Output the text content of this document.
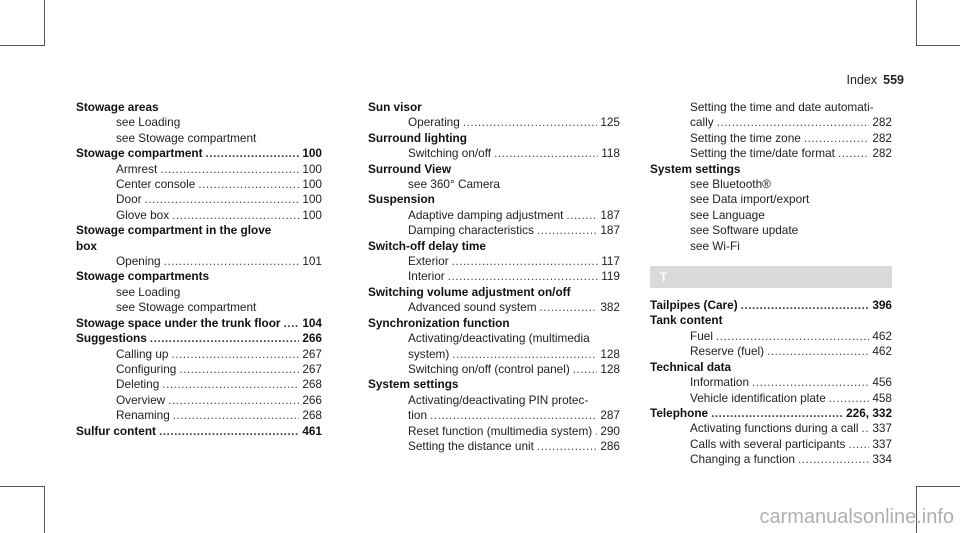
Index 559
Stowage areas
see Loading
see Stowage compartment
Stowage compartment .....	100
Armrest .....	100
Center console .....	100
Door .....	100
Glove box .....	100
Stowage compartment in the glove
box
Opening .....	101
Stowage compartments
see Loading
see Stowage compartment
Stowage space under the trunk floor ..... 104
Suggestions .....	266
Calling up .....	267
Configuring .....	267
Deleting .....	268
Overview .....	266
Renaming .....	268
Sulfur content .....	461
Sun visor
Operating .....	125
Surround lighting
Switching on/off .....	118
Surround View
see 360° Camera
Suspension
Adaptive damping adjustment .....	187
Damping characteristics .....	187
Switch-off delay time
Exterior .....	117
Interior .....	119
Switching volume adjustment on/off
Advanced sound system .....	382
Synchronization function
Activating/deactivating (multimedia
system) .....	128
Switching on/off (control panel) .....	128
System settings
Activating/deactivating PIN protec-
tion .....	287
Reset function (multimedia system) ..... 290
Setting the distance unit .....	286
Setting the time and date automati-
cally .....	282
Setting the time zone .....	282
Setting the time/date format .....	282
System settings
see Bluetooth®
see Data import/export
see Language
see Software update
see Wi-Fi
T
Tailpipes (Care) .....	396
Tank content
Fuel .....	462
Reserve (fuel) .....	462
Technical data
Information .....	456
Vehicle identification plate .....	458
Telephone .....	226, 332
Activating functions during a call ..... 337
Calls with several participants ..... 337
Changing a function .....	334
carmanualsonline.info
